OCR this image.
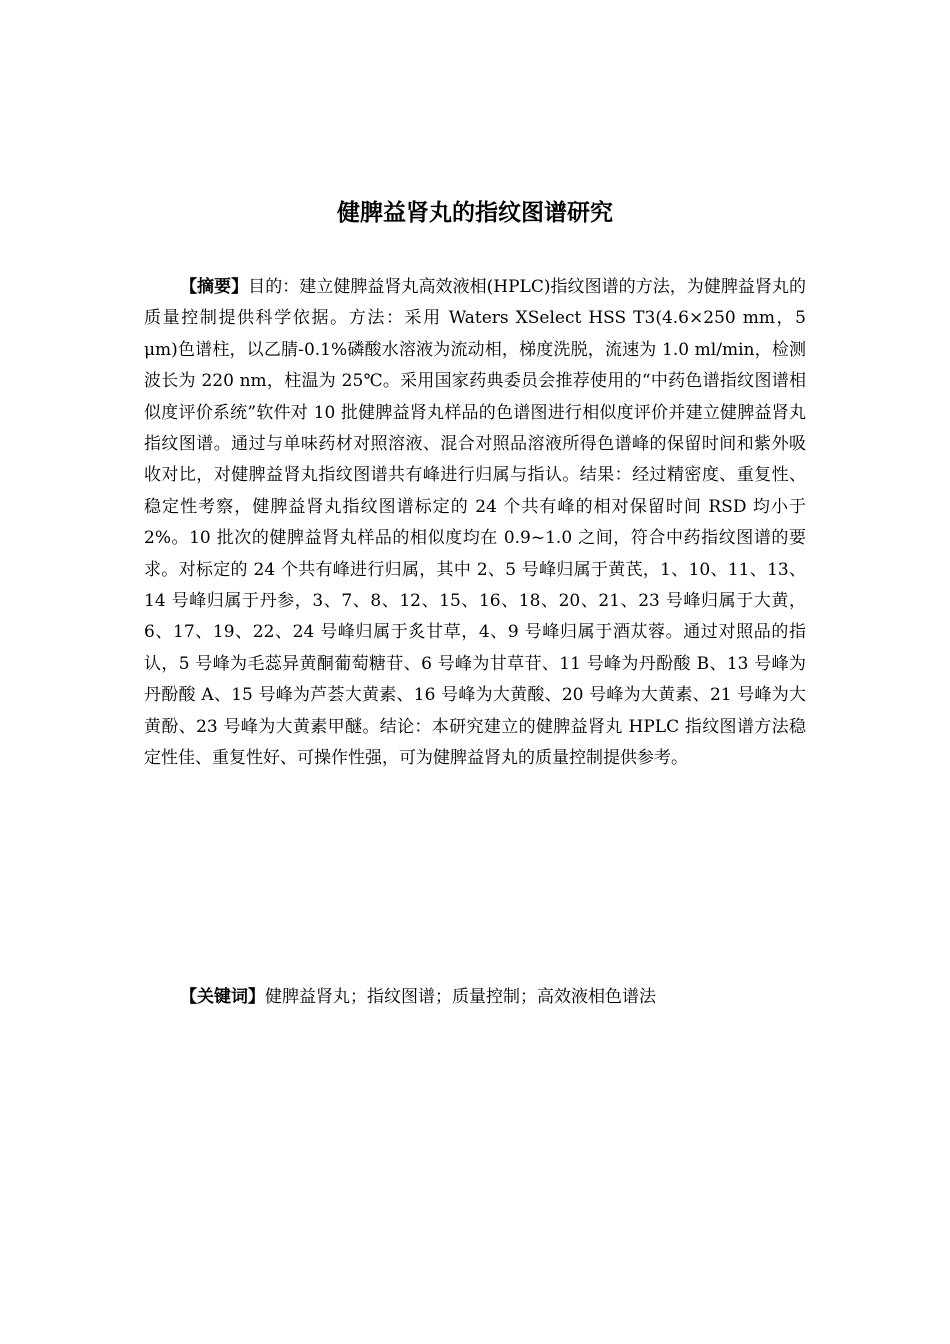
健脾益肾丸的指纹图谱研究

【摘要】目的：建立健脾益肾丸高效液相(HPLC)指纹图谱的方法，为健脾益肾丸的质量控制提供科学依据。方法：采用 Waters XSelect HSS T3(4.6×250 mm，5 μm)色谱柱，以乙腈-0.1%磷酸水溶液为流动相，梯度洗脱，流速为 1.0 ml/min，检测波长为 220 nm，柱温为 25℃。采用国家药典委员会推荐使用的“中药色谱指纹图谱相似度评价系统”软件对 10 批健脾益肾丸样品的色谱图进行相似度评价并建立健脾益肾丸指纹图谱。通过与单味药材对照溶液、混合对照品溶液所得色谱峰的保留时间和紫外吸收对比，对健脾益肾丸指纹图谱共有峰进行归属与指认。结果：经过精密度、重复性、稳定性考察，健脾益肾丸指纹图谱标定的 24 个共有峰的相对保留时间 RSD 均小于 2%。10 批次的健脾益肾丸样品的相似度均在 0.9~1.0 之间，符合中药指纹图谱的要求。对标定的 24 个共有峰进行归属，其中 2、5 号峰归属于黄芪，1、10、11、13、14 号峰归属于丹参，3、7、8、12、15、16、18、20、21、23 号峰归属于大黄，6、17、19、22、24 号峰归属于炙甘草，4、9 号峰归属于酒苁蓉。通过对照品的指认，5 号峰为毛蕊异黄酮葡萄糖苷、6 号峰为甘草苷、11 号峰为丹酚酸 B、13 号峰为丹酚酸 A、15 号峰为芦荟大黄素、16 号峰为大黄酸、20 号峰为大黄素、21 号峰为大黄酚、23 号峰为大黄素甲醚。结论：本研究建立的健脾益肾丸 HPLC 指纹图谱方法稳定性佳、重复性好、可操作性强，可为健脾益肾丸的质量控制提供参考。

【关键词】健脾益肾丸；指纹图谱；质量控制；高效液相色谱法
